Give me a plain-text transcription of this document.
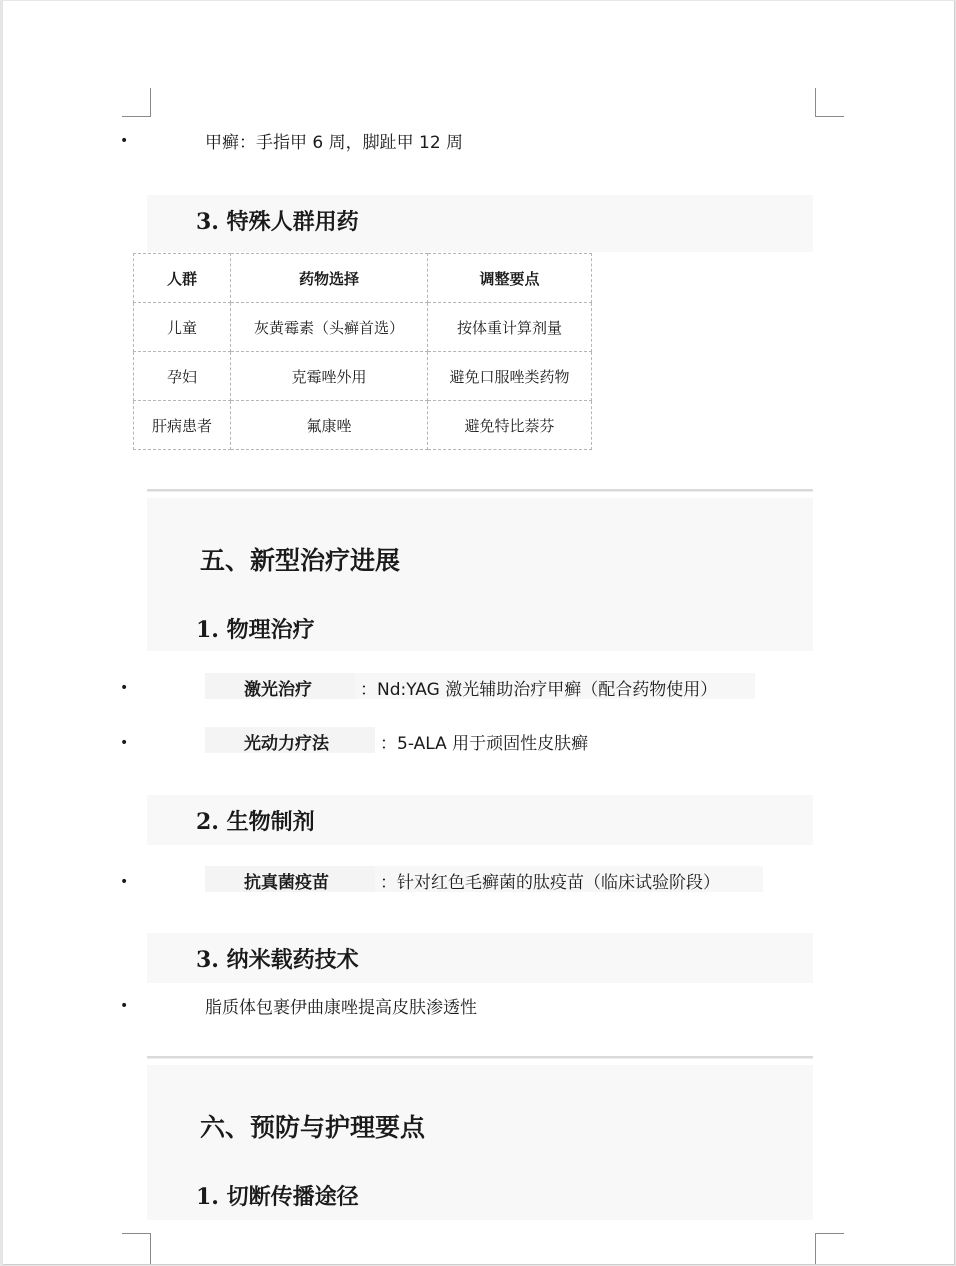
•	甲癣：手指甲 6 周，脚趾甲 12 周
3. 特殊人群用药
人群	药物选择	调整要点
儿童	灰黄霉素（头癣首选）	按体重计算剂量
孕妇	克霉唑外用	避免口服唑类药物
肝病患者	氟康唑	避免特比萘芬
五、新型治疗进展
1. 物理治疗
•	激光治疗	：Nd:YAG 激光辅助治疗甲癣（配合药物使用）
•	光动力疗法	：5-ALA 用于顽固性皮肤癣
2. 生物制剂
•	抗真菌疫苗	：针对红色毛癣菌的肽疫苗（临床试验阶段）
3. 纳米载药技术
•	脂质体包裹伊曲康唑提高皮肤渗透性
六、预防与护理要点
1. 切断传播途径
